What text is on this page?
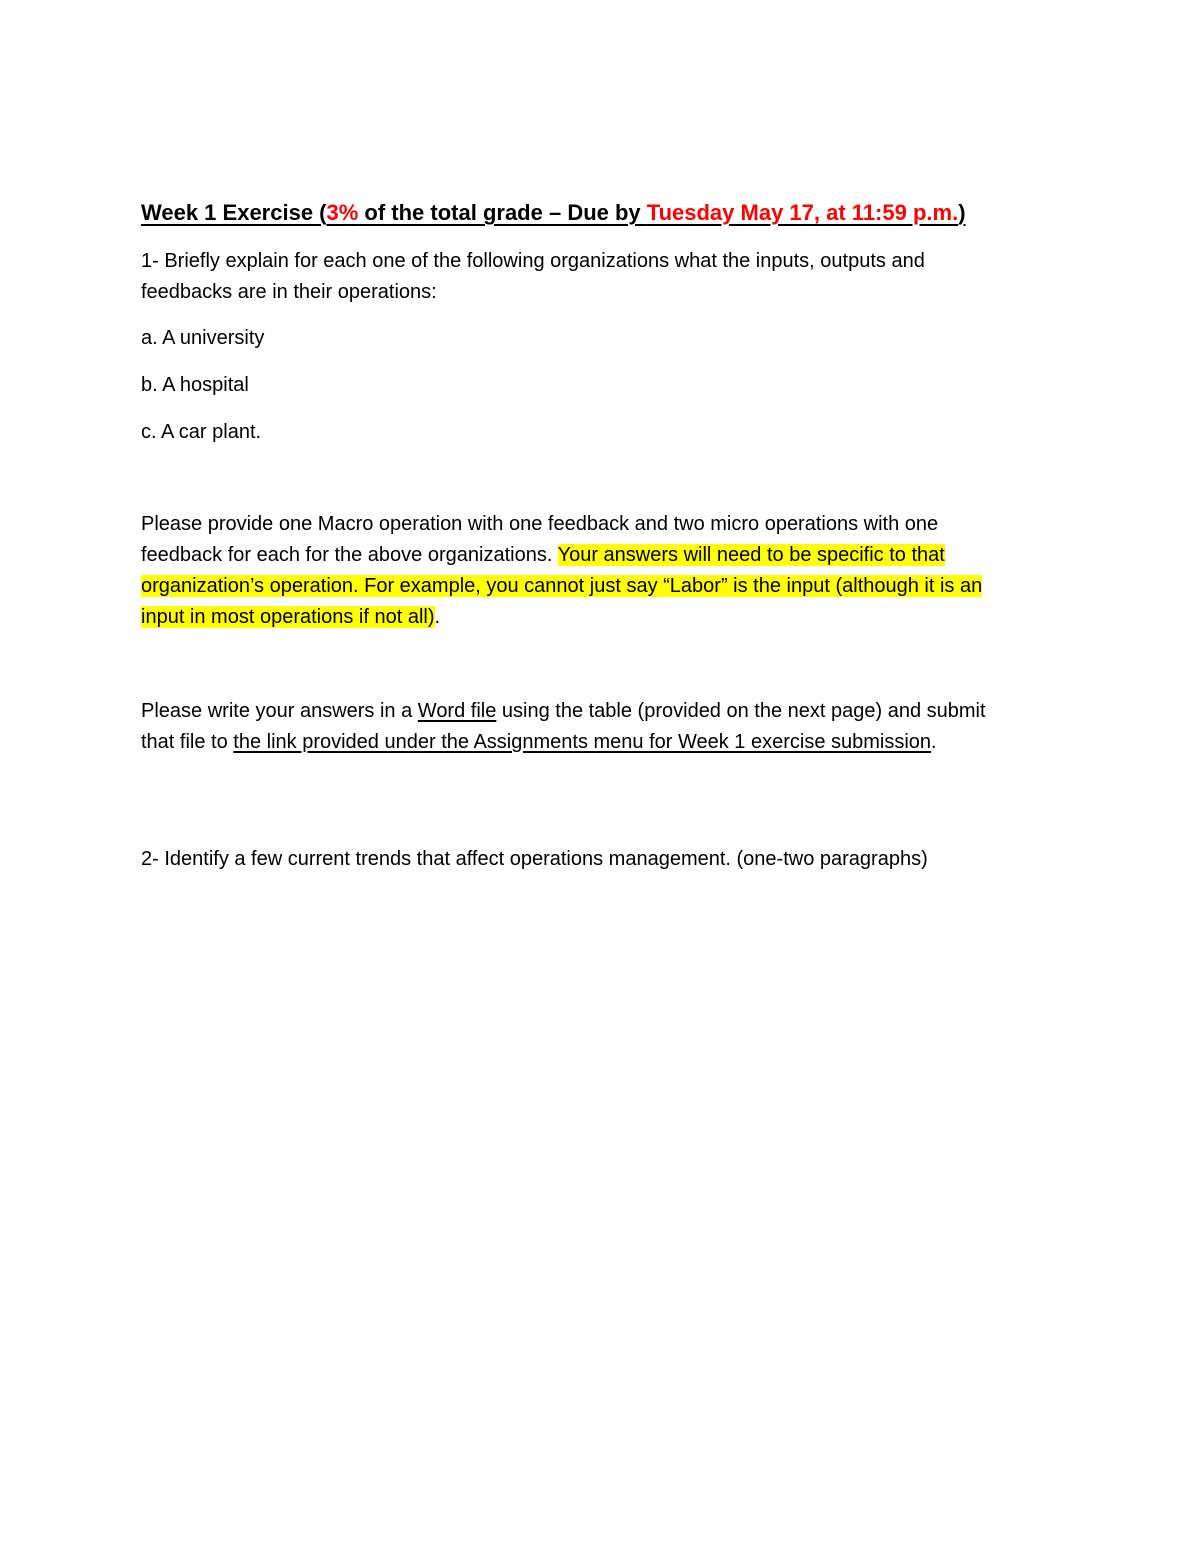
Week 1 Exercise (3% of the total grade – Due by Tuesday May 17, at 11:59 p.m.)

1- Briefly explain for each one of the following organizations what the inputs, outputs and
feedbacks are in their operations:

a. A university

b. A hospital

c. A car plant.

Please provide one Macro operation with one feedback and two micro operations with one
feedback for each for the above organizations. Your answers will need to be specific to that
organization’s operation. For example, you cannot just say “Labor” is the input (although it is an
input in most operations if not all).

Please write your answers in a Word file using the table (provided on the next page) and submit
that file to the link provided under the Assignments menu for Week 1 exercise submission.

2- Identify a few current trends that affect operations management. (one-two paragraphs)
